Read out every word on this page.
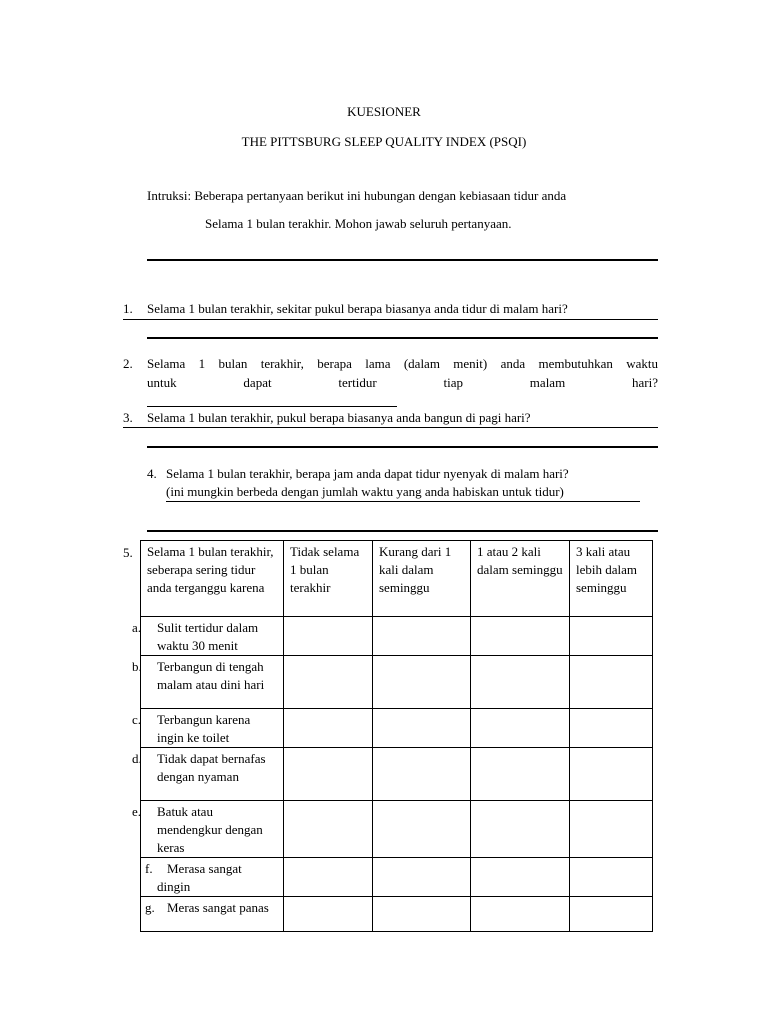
KUESIONER
THE PITTSBURG SLEEP QUALITY INDEX (PSQI)
Intruksi: Beberapa pertanyaan berikut ini hubungan dengan kebiasaan tidur anda
Selama 1 bulan terakhir. Mohon jawab seluruh pertanyaan.
1. Selama 1 bulan terakhir, sekitar pukul berapa biasanya anda tidur di malam hari?
2. Selama 1 bulan terakhir, berapa lama (dalam menit) anda membutuhkan waktu
untuk dapat tertidur tiap malam hari?
3. Selama 1 bulan terakhir, pukul berapa biasanya anda bangun di pagi hari?
4. Selama 1 bulan terakhir, berapa jam anda dapat tidur nyenyak di malam hari?
(ini mungkin berbeda dengan jumlah waktu yang anda habiskan untuk tidur)
5. Selama 1 bulan terakhir, seberapa sering tidur anda terganggu karena	Tidak selama 1 bulan terakhir	Kurang dari 1 kali dalam seminggu	1 atau 2 kali dalam seminggu	3 kali atau lebih dalam seminggu

a. Sulit tertidur dalam waktu 30 menit				

b. Terbangun di tengah malam atau dini hari				

c. Terbangun karena ingin ke toilet				

d. Tidak dapat bernafas dengan nyaman				

e. Batuk atau mendengkur dengan keras				

f. Merasa sangat dingin				

g. Meras sangat panas				
